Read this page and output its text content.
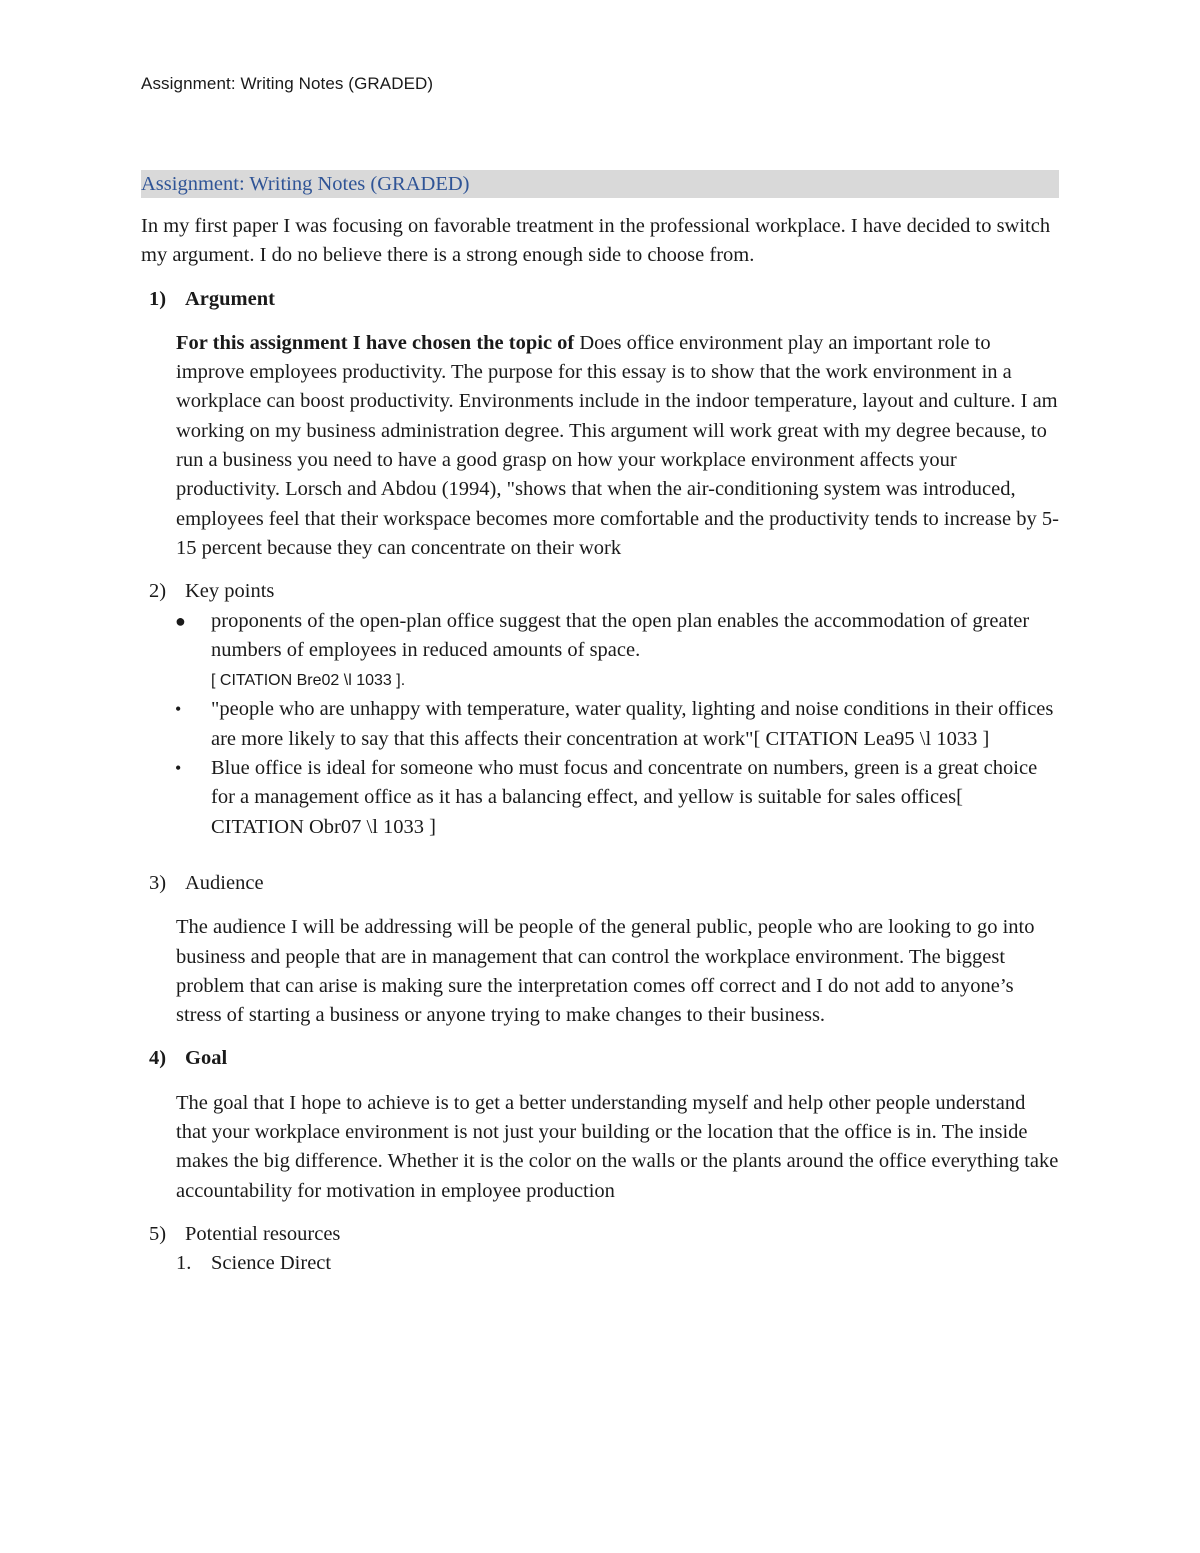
Assignment: Writing Notes (GRADED)
Assignment: Writing Notes (GRADED)

In my first paper I was focusing on favorable treatment in the professional workplace. I have decided to switch my argument. I do no believe there is a strong enough side to choose from.

1) Argument

For this assignment I have chosen the topic of Does office environment play an important role to improve employees productivity. The purpose for this essay is to show that the work environment in a workplace can boost productivity. Environments include in the indoor temperature, layout and culture. I am working on my business administration degree. This argument will work great with my degree because, to run a business you need to have a good grasp on how your workplace environment affects your productivity. Lorsch and Abdou (1994), "shows that when the air-conditioning system was introduced, employees feel that their workspace becomes more comfortable and the productivity tends to increase by 5-15 percent because they can concentrate on their work

2) Key points
● proponents of the open-plan office suggest that the open plan enables the accommodation of greater numbers of employees in reduced amounts of space.
[ CITATION Bre02 \l 1033 ].
• "people who are unhappy with temperature, water quality, lighting and noise conditions in their offices are more likely to say that this affects their concentration at work"[ CITATION Lea95 \l 1033 ]
• Blue office is ideal for someone who must focus and concentrate on numbers, green is a great choice for a management office as it has a balancing effect, and yellow is suitable for sales offices[ CITATION Obr07 \l 1033 ]
3) Audience

The audience I will be addressing will be people of the general public, people who are looking to go into business and people that are in management that can control the workplace environment. The biggest problem that can arise is making sure the interpretation comes off correct and I do not add to anyone’s stress of starting a business or anyone trying to make changes to their business.

4) Goal

The goal that I hope to achieve is to get a better understanding myself and help other people understand that your workplace environment is not just your building or the location that the office is in. The inside makes the big difference. Whether it is the color on the walls or the plants around the office everything take accountability for motivation in employee production

5) Potential resources
1. Science Direct
